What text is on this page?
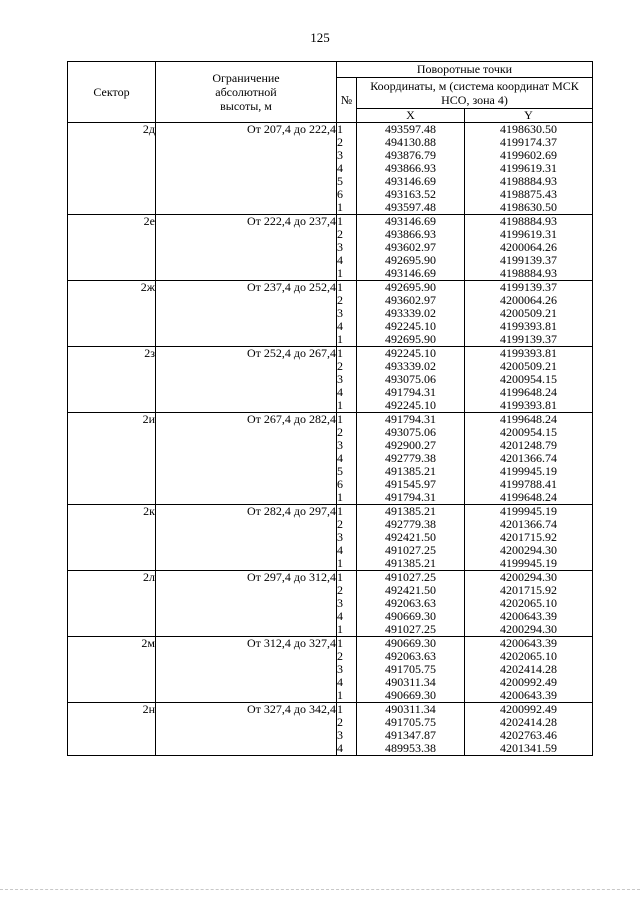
125
Сектор	Ограничение абсолютной высоты, м	Поворотные точки		
		№	Координаты, м (система координат МСК НСО, зона 4)	
			X	Y
2д	От 207,4 до 222,4	1	493597.48	4198630.50
		2	494130.88	4199174.37
		3	493876.79	4199602.69
		4	493866.93	4199619.31
		5	493146.69	4198884.93
		6	493163.52	4198875.43
		1	493597.48	4198630.50
2е	От 222,4 до 237,4	1	493146.69	4198884.93
		2	493866.93	4199619.31
		3	493602.97	4200064.26
		4	492695.90	4199139.37
		1	493146.69	4198884.93
2ж	От 237,4 до 252,4	1	492695.90	4199139.37
		2	493602.97	4200064.26
		3	493339.02	4200509.21
		4	492245.10	4199393.81
		1	492695.90	4199139.37
2з	От 252,4 до 267,4	1	492245.10	4199393.81
		2	493339.02	4200509.21
		3	493075.06	4200954.15
		4	491794.31	4199648.24
		1	492245.10	4199393.81
2и	От 267,4 до 282,4	1	491794.31	4199648.24
		2	493075.06	4200954.15
		3	492900.27	4201248.79
		4	492779.38	4201366.74
		5	491385.21	4199945.19
		6	491545.97	4199788.41
		1	491794.31	4199648.24
2к	От 282,4 до 297,4	1	491385.21	4199945.19
		2	492779.38	4201366.74
		3	492421.50	4201715.92
		4	491027.25	4200294.30
		1	491385.21	4199945.19
2л	От 297,4 до 312,4	1	491027.25	4200294.30
		2	492421.50	4201715.92
		3	492063.63	4202065.10
		4	490669.30	4200643.39
		1	491027.25	4200294.30
2м	От 312,4 до 327,4	1	490669.30	4200643.39
		2	492063.63	4202065.10
		3	491705.75	4202414.28
		4	490311.34	4200992.49
		1	490669.30	4200643.39
2н	От 327,4 до 342,4	1	490311.34	4200992.49
		2	491705.75	4202414.28
		3	491347.87	4202763.46
		4	489953.38	4201341.59
